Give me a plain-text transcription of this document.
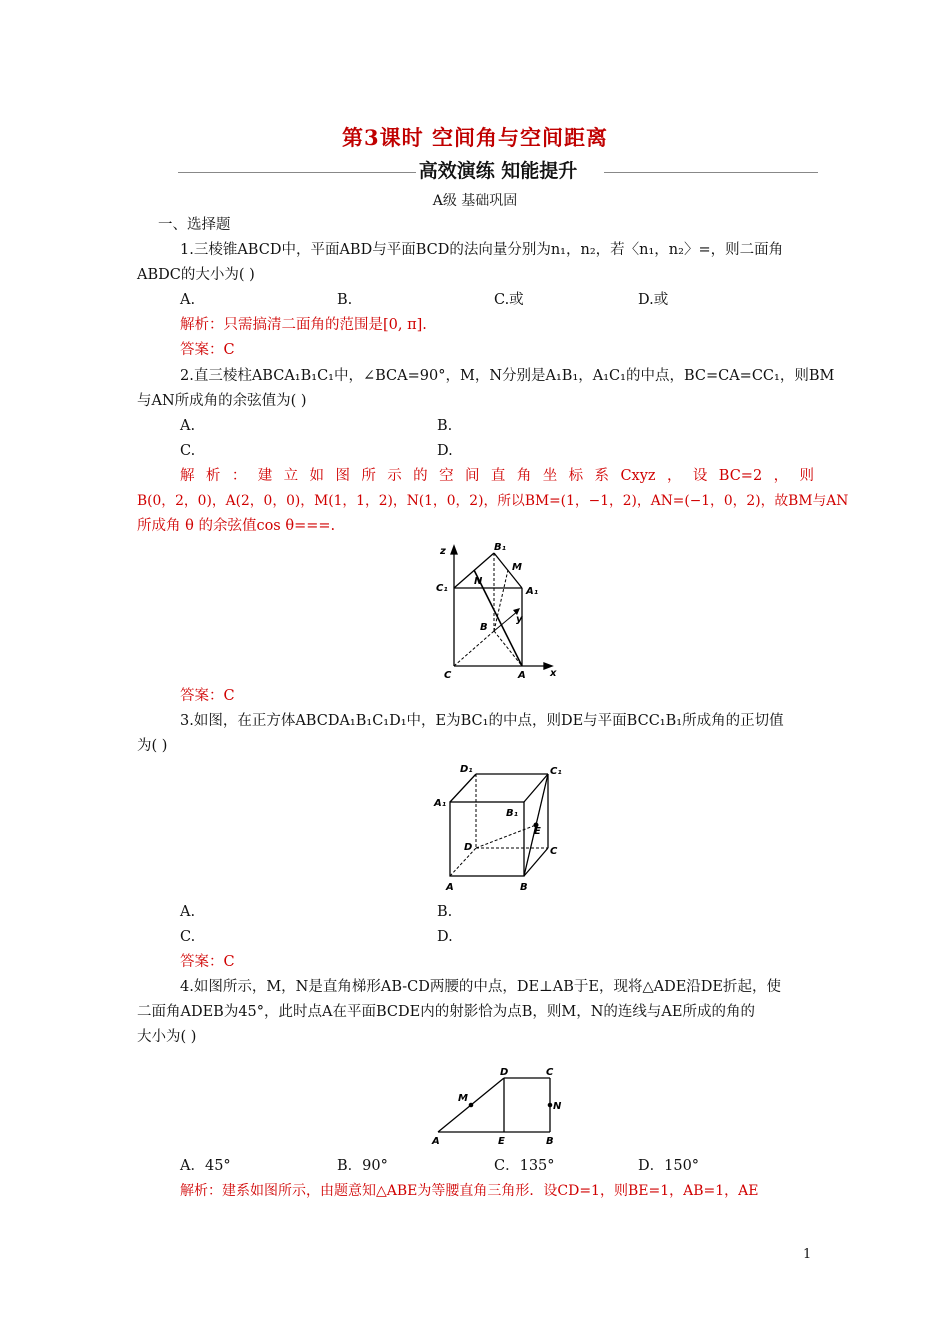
第3课时 空间角与空间距离
高效演练 知能提升
A级 基础巩固
一、选择题
1.三棱锥ABCD中，平面ABD与平面BCD的法向量分别为n₁，n₂，若〈n₁，n₂〉=，则二面角
ABDC的大小为( )
A.	B.	C.或	D.或
解析：只需搞清二面角的范围是[0, π].
答案：C
2.直三棱柱ABCA₁B₁C₁中，∠BCA=90°，M，N分别是A₁B₁，A₁C₁的中点，BC=CA=CC₁，则BM
与AN所成角的余弦值为( )
A.	B.
C.	D.
解析：建立如图所示的空间直角坐标系Cxyz，设BC=2，则
B(0，2，0)，A(2，0，0)，M(1，1，2)，N(1，0，2)，所以BM=(1，−1，2)，AN=(−1，0，2)，故BM与AN
所成角 θ 的余弦值cos θ===.
z	B₁
M
C₁
N
A₁
y
B
C	A x
答案：C
3.如图，在正方体ABCDA₁B₁C₁D₁中，E为BC₁的中点，则DE与平面BCC₁B₁所成角的正切值
为( )
D₁	C₁
A₁
B₁
E
D	C
A	B
A.	B.
C.	D.
答案：C
4.如图所示，M，N是直角梯形AB-CD两腰的中点，DE⊥AB于E，现将△ADE沿DE折起，使
二面角ADEB为45°，此时点A在平面BCDE内的射影恰为点B，则M，N的连线与AE所成的角的
大小为( )
D	C
M
N
A	E	B
A．45°	B．90°	C．135°	D．150°
解析：建系如图所示，由题意知△ABE为等腰直角三角形．设CD=1，则BE=1，AB=1，AE
1
